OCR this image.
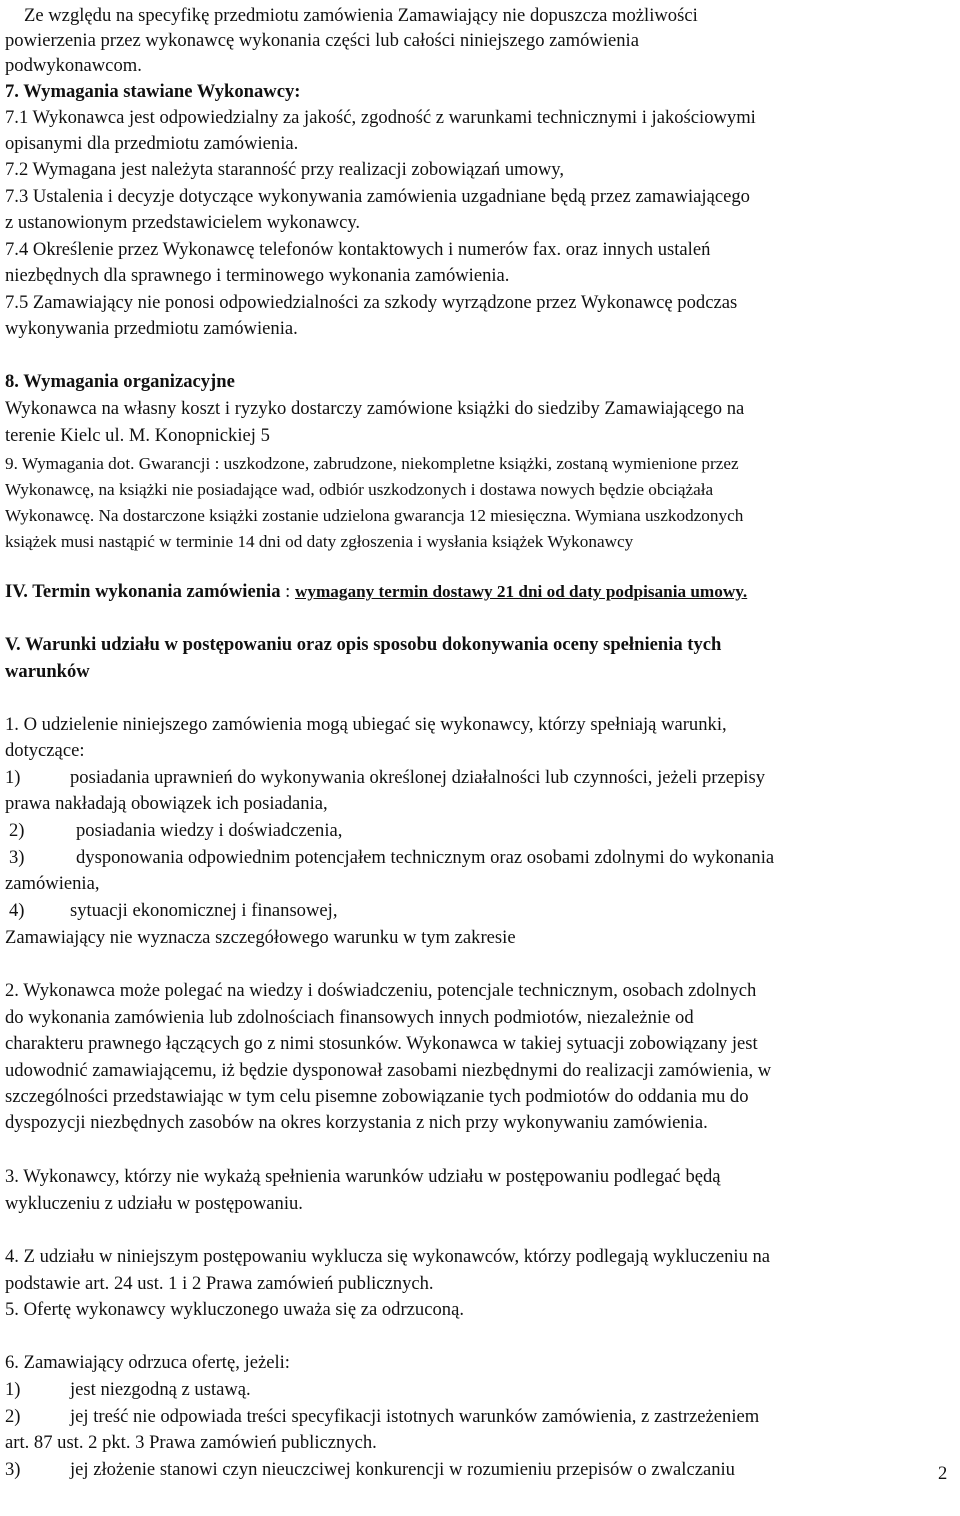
Ze względu na specyfikę przedmiotu zamówienia Zamawiający nie dopuszcza możliwości
powierzenia przez wykonawcę wykonania części lub całości niniejszego zamówienia
podwykonawcom.
7. Wymagania stawiane Wykonawcy:
7.1 Wykonawca jest odpowiedzialny za jakość, zgodność z warunkami technicznymi i jakościowymi
opisanymi dla przedmiotu zamówienia.
7.2 Wymagana jest należyta staranność przy realizacji zobowiązań umowy,
7.3 Ustalenia i decyzje dotyczące wykonywania zamówienia uzgadniane będą przez zamawiającego
z ustanowionym przedstawicielem wykonawcy.
7.4 Określenie przez Wykonawcę telefonów kontaktowych i numerów fax. oraz innych ustaleń
niezbędnych dla sprawnego i terminowego wykonania zamówienia.
7.5 Zamawiający nie ponosi odpowiedzialności za szkody wyrządzone przez Wykonawcę podczas
wykonywania przedmiotu zamówienia.
8. Wymagania organizacyjne
Wykonawca na własny koszt i ryzyko dostarczy zamówione książki do siedziby Zamawiającego na
terenie Kielc ul. M. Konopnickiej 5
9. Wymagania dot. Gwarancji : uszkodzone, zabrudzone, niekompletne książki, zostaną wymienione przez
Wykonawcę, na książki nie posiadające wad, odbiór uszkodzonych i dostawa nowych będzie obciążała
Wykonawcę. Na dostarczone książki zostanie udzielona gwarancja 12 miesięczna. Wymiana uszkodzonych
książek musi nastąpić w terminie 14 dni od daty zgłoszenia i wysłania książek Wykonawcy
IV. Termin wykonania zamówienia : wymagany termin dostawy 21 dni od daty podpisania umowy.
V. Warunki udziału w postępowaniu oraz opis sposobu dokonywania oceny spełnienia tych
warunków
1. O udzielenie niniejszego zamówienia mogą ubiegać się wykonawcy, którzy spełniają warunki,
dotyczące:
1)	posiadania uprawnień do wykonywania określonej działalności lub czynności, jeżeli przepisy
prawa nakładają obowiązek ich posiadania,
2)	posiadania wiedzy i doświadczenia,
3)	dysponowania odpowiednim potencjałem technicznym oraz osobami zdolnymi do wykonania
zamówienia,
4) sytuacji ekonomicznej i finansowej,
Zamawiający nie wyznacza szczegółowego warunku w tym zakresie
2. Wykonawca może polegać na wiedzy i doświadczeniu, potencjale technicznym, osobach zdolnych
do wykonania zamówienia lub zdolnościach finansowych innych podmiotów, niezależnie od
charakteru prawnego łączących go z nimi stosunków. Wykonawca w takiej sytuacji zobowiązany jest
udowodnić zamawiającemu, iż będzie dysponował zasobami niezbędnymi do realizacji zamówienia, w
szczególności przedstawiając w tym celu pisemne zobowiązanie tych podmiotów do oddania mu do
dyspozycji niezbędnych zasobów na okres korzystania z nich przy wykonywaniu zamówienia.
3. Wykonawcy, którzy nie wykażą spełnienia warunków udziału w postępowaniu podlegać będą
wykluczeniu z udziału w postępowaniu.
4. Z udziału w niniejszym postępowaniu wyklucza się wykonawców, którzy podlegają wykluczeniu na
podstawie art. 24 ust. 1 i 2 Prawa zamówień publicznych.
5. Ofertę wykonawcy wykluczonego uważa się za odrzuconą.
6. Zamawiający odrzuca ofertę, jeżeli:
1)	jest niezgodną z ustawą.
2)	jej treść nie odpowiada treści specyfikacji istotnych warunków zamówienia, z zastrzeżeniem
art. 87 ust. 2 pkt. 3 Prawa zamówień publicznych.
3)	jej złożenie stanowi czyn nieuczciwej konkurencji w rozumieniu przepisów o zwalczaniu	2
